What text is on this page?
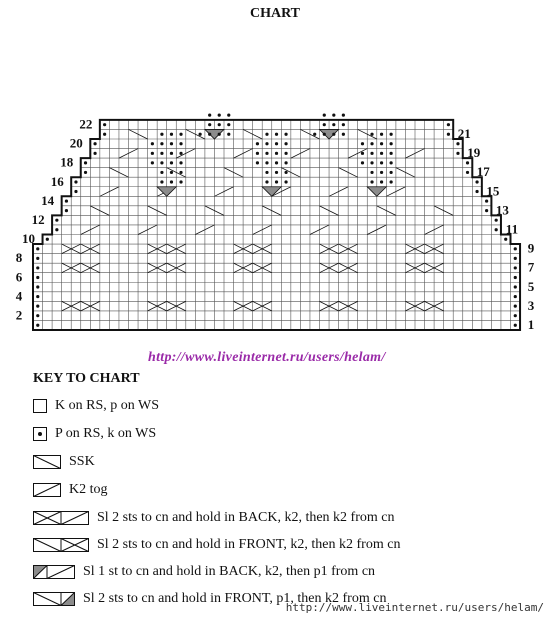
CHART
2
4
6
8
10
12
14
16
18
20
22
1
3
5
7
9
11
13
15
17
19
21
http://www.liveinternet.ru/users/helam/
KEY TO CHART
K on RS, p on WS
P on RS, k on WS
SSK
K2 tog
Sl 2 sts to cn and hold in BACK, k2, then k2 from cn
Sl 2 sts to cn and hold in FRONT, k2, then k2 from cn
Sl 1 st to cn and hold in BACK, k2, then p1 from cn
Sl 2 sts to cn and hold in FRONT, p1, then k2 from cn
http://www.liveinternet.ru/users/helam/
